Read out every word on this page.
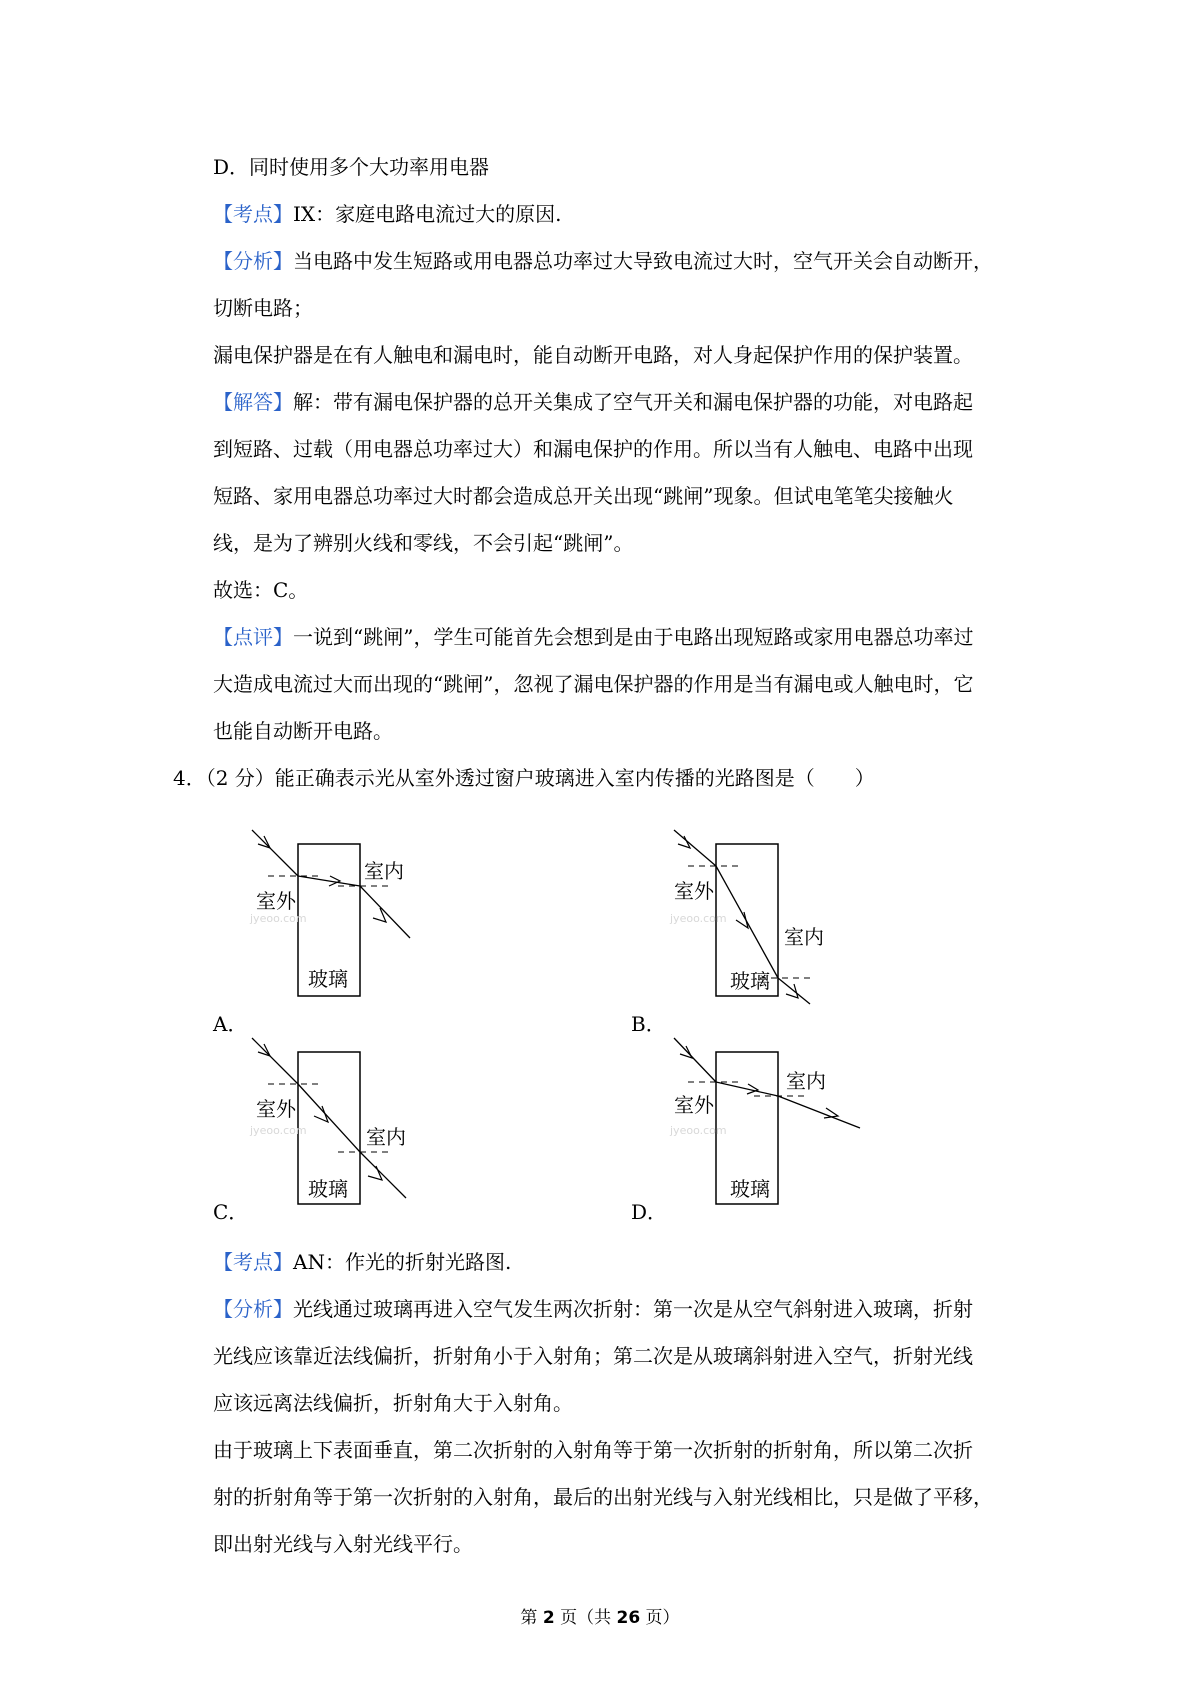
D．同时使用多个大功率用电器
【考点】IX：家庭电路电流过大的原因.
【分析】当电路中发生短路或用电器总功率过大导致电流过大时，空气开关会自动断开，
切断电路；
漏电保护器是在有人触电和漏电时，能自动断开电路，对人身起保护作用的保护装置。
【解答】解：带有漏电保护器的总开关集成了空气开关和漏电保护器的功能，对电路起
到短路、过载（用电器总功率过大）和漏电保护的作用。所以当有人触电、电路中出现
短路、家用电器总功率过大时都会造成总开关出现“跳闸”现象。但试电笔笔尖接触火
线，是为了辨别火线和零线，不会引起“跳闸”。
故选：C。
【点评】一说到“跳闸”，学生可能首先会想到是由于电路出现短路或家用电器总功率过
大造成电流过大而出现的“跳闸”，忽视了漏电保护器的作用是当有漏电或人触电时，它
也能自动断开电路。
4．（2 分）能正确表示光从室外透过窗户玻璃进入室内传播的光路图是（　　）
室外
室内
玻璃
jyeoo.com
A．
室外
室内
玻璃
jyeoo.com
B．
室外
室内
玻璃
jyeoo.com
C．
室外
室内
玻璃
jyeoo.com
D．
【考点】AN：作光的折射光路图.
【分析】光线通过玻璃再进入空气发生两次折射：第一次是从空气斜射进入玻璃，折射
光线应该靠近法线偏折，折射角小于入射角；第二次是从玻璃斜射进入空气，折射光线
应该远离法线偏折，折射角大于入射角。
由于玻璃上下表面垂直，第二次折射的入射角等于第一次折射的折射角，所以第二次折
射的折射角等于第一次折射的入射角，最后的出射光线与入射光线相比，只是做了平移，
即出射光线与入射光线平行。
第 2 页（共 26 页）
